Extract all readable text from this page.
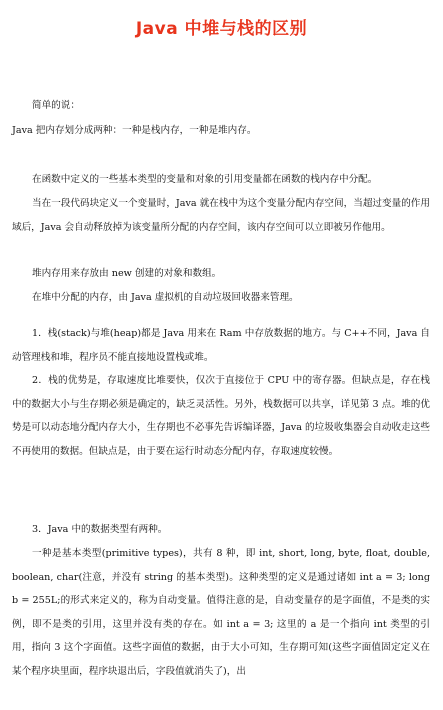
Java 中堆与栈的区别
简单的说：
Java 把内存划分成两种：一种是栈内存，一种是堆内存。
在函数中定义的一些基本类型的变量和对象的引用变量都在函数的栈内存中分配。
当在一段代码块定义一个变量时，Java 就在栈中为这个变量分配内存空间，当超过变量的作用域后，Java 会自动释放掉为该变量所分配的内存空间，该内存空间可以立即被另作他用。
堆内存用来存放由 new 创建的对象和数组。
在堆中分配的内存，由 Java 虚拟机的自动垃圾回收器来管理。
1．栈(stack)与堆(heap)都是 Java 用来在 Ram 中存放数据的地方。与 C++不同，Java 自动管理栈和堆，程序员不能直接地设置栈或堆。
2．栈的优势是，存取速度比堆要快，仅次于直接位于 CPU 中的寄存器。但缺点是，存在栈中的数据大小与生存期必须是确定的，缺乏灵活性。另外，栈数据可以共享，详见第 3 点。堆的优势是可以动态地分配内存大小，生存期也不必事先告诉编译器，Java 的垃圾收集器会自动收走这些不再使用的数据。但缺点是，由于要在运行时动态分配内存，存取速度较慢。
3．Java 中的数据类型有两种。
一种是基本类型(primitive types)，共有 8 种，即 int, short, long, byte, float, double, boolean, char(注意，并没有 string 的基本类型)。这种类型的定义是通过诸如 int a = 3; long b = 255L;的形式来定义的，称为自动变量。值得注意的是，自动变量存的是字面值，不是类的实例，即不是类的引用，这里并没有类的存在。如 int a = 3; 这里的 a 是一个指向 int 类型的引用，指向 3 这个字面值。这些字面值的数据，由于大小可知，生存期可知(这些字面值固定定义在某个程序块里面，程序块退出后，字段值就消失了)，出
